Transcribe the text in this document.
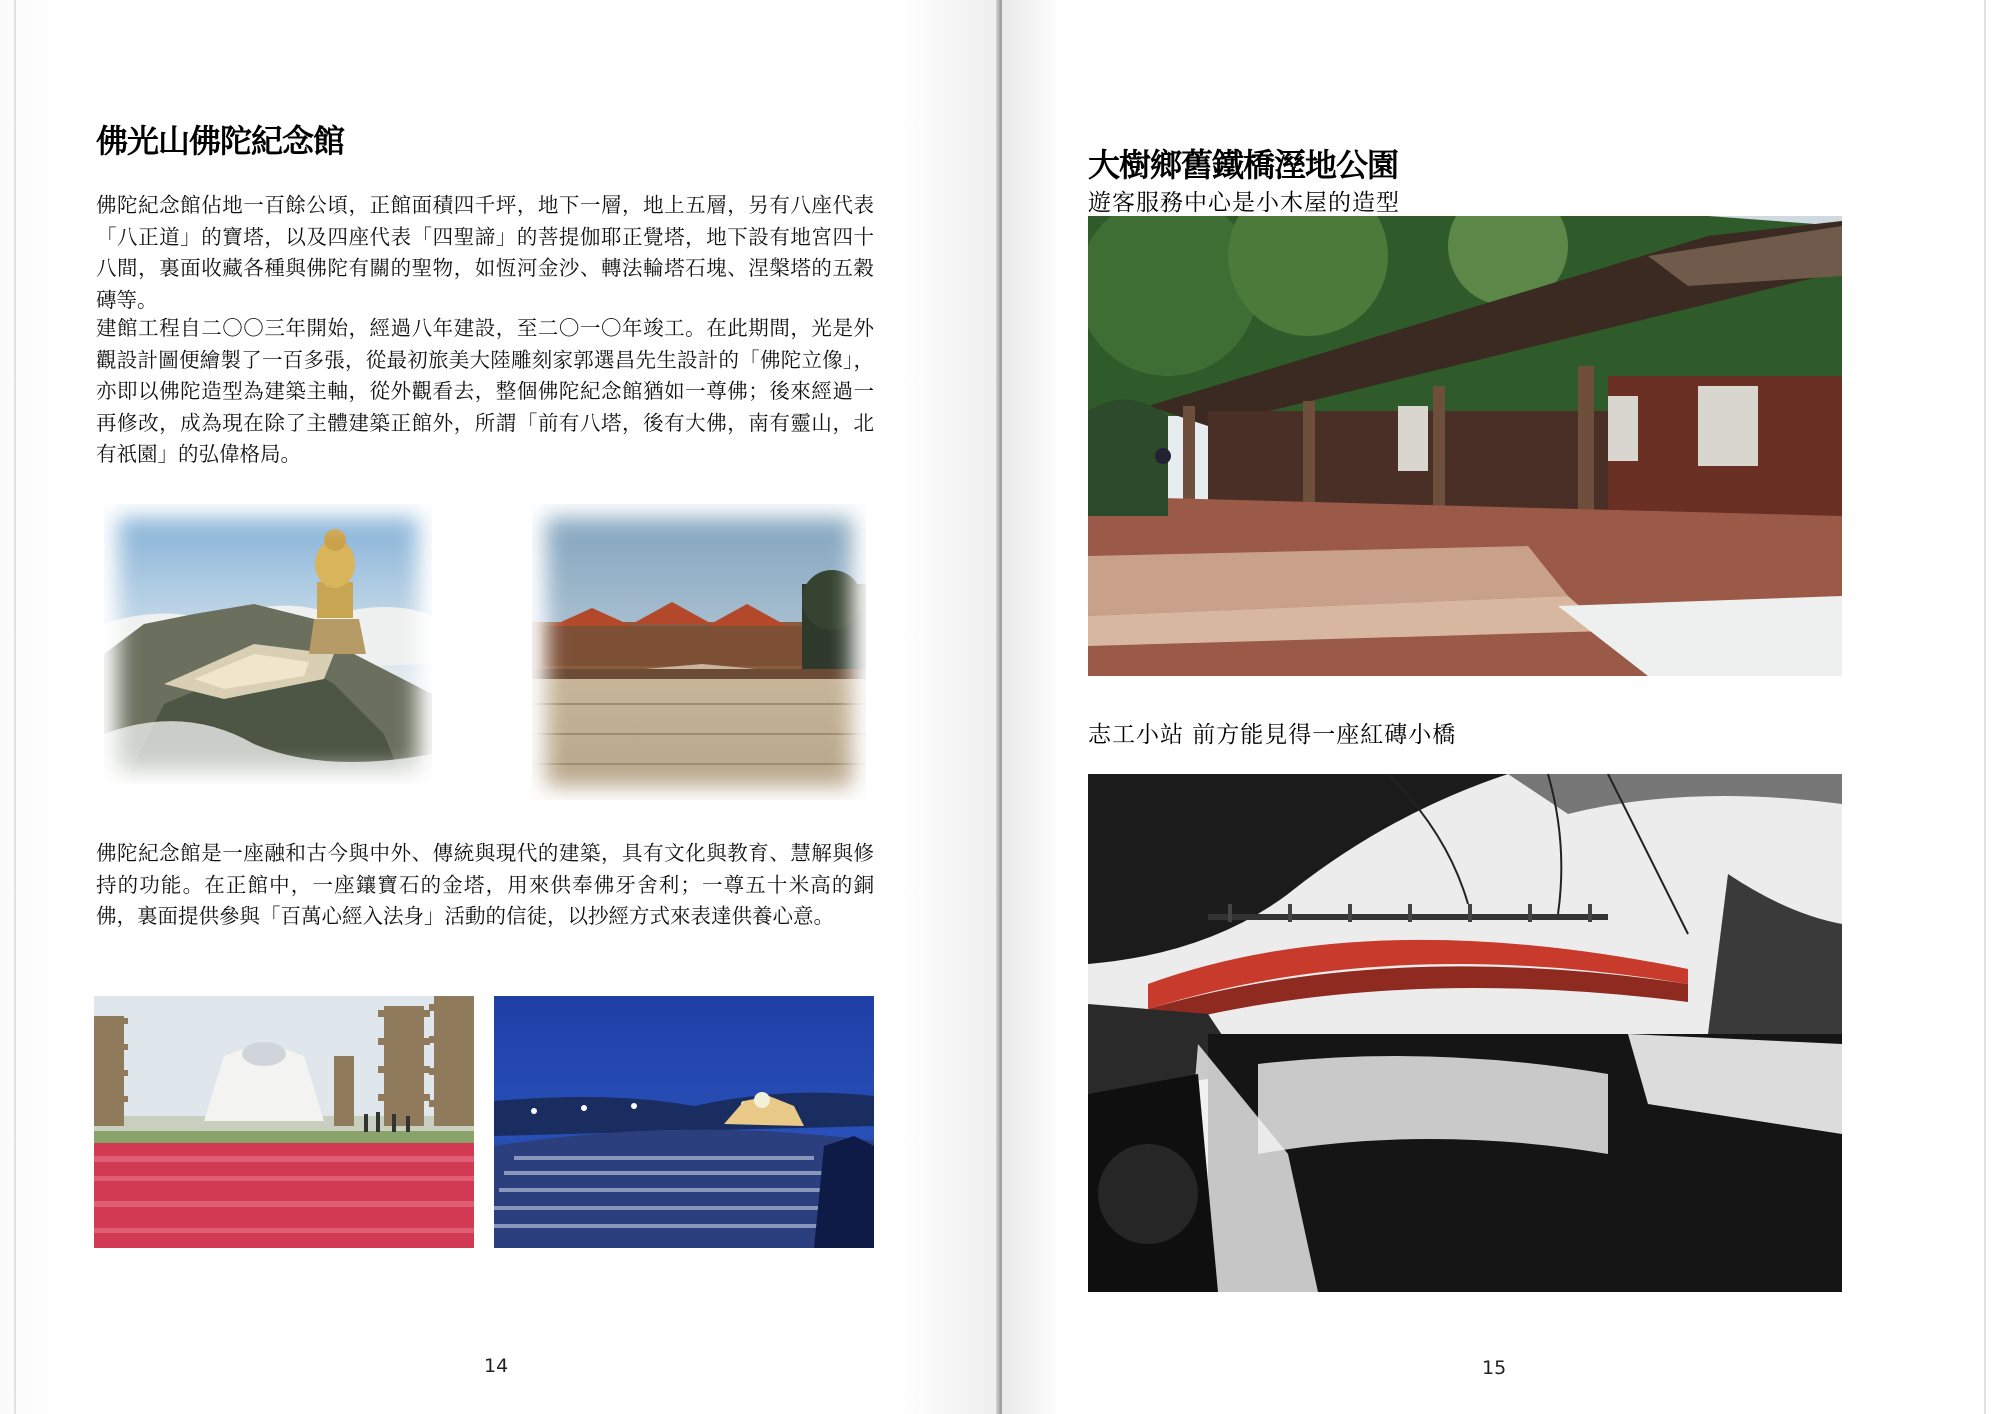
佛光山佛陀紀念館

佛陀紀念館佔地一百餘公頃，正館面積四千坪，地下一層，地上五層，另有八座代表「八正道」的寶塔，以及四座代表「四聖諦」的菩提伽耶正覺塔，地下設有地宮四十八間，裏面收藏各種與佛陀有關的聖物，如恆河金沙、轉法輪塔石塊、涅槃塔的五穀磚等。

建館工程自二〇〇三年開始，經過八年建設，至二〇一〇年竣工。在此期間，光是外觀設計圖便繪製了一百多張，從最初旅美大陸雕刻家郭選昌先生設計的「佛陀立像」，亦即以佛陀造型為建築主軸，從外觀看去，整個佛陀紀念館猶如一尊佛；後來經過一再修改，成為現在除了主體建築正館外，所謂「前有八塔，後有大佛，南有靈山，北有祇園」的弘偉格局。

佛陀紀念館是一座融和古今與中外、傳統與現代的建築，具有文化與教育、慧解與修持的功能。在正館中，一座鑲寶石的金塔，用來供奉佛牙舍利；一尊五十米高的銅佛，裏面提供參與「百萬心經入法身」活動的信徒，以抄經方式來表達供養心意。

14
大樹鄉舊鐵橋溼地公園

遊客服務中心是小木屋的造型

志工小站 前方能見得一座紅磚小橋

15
